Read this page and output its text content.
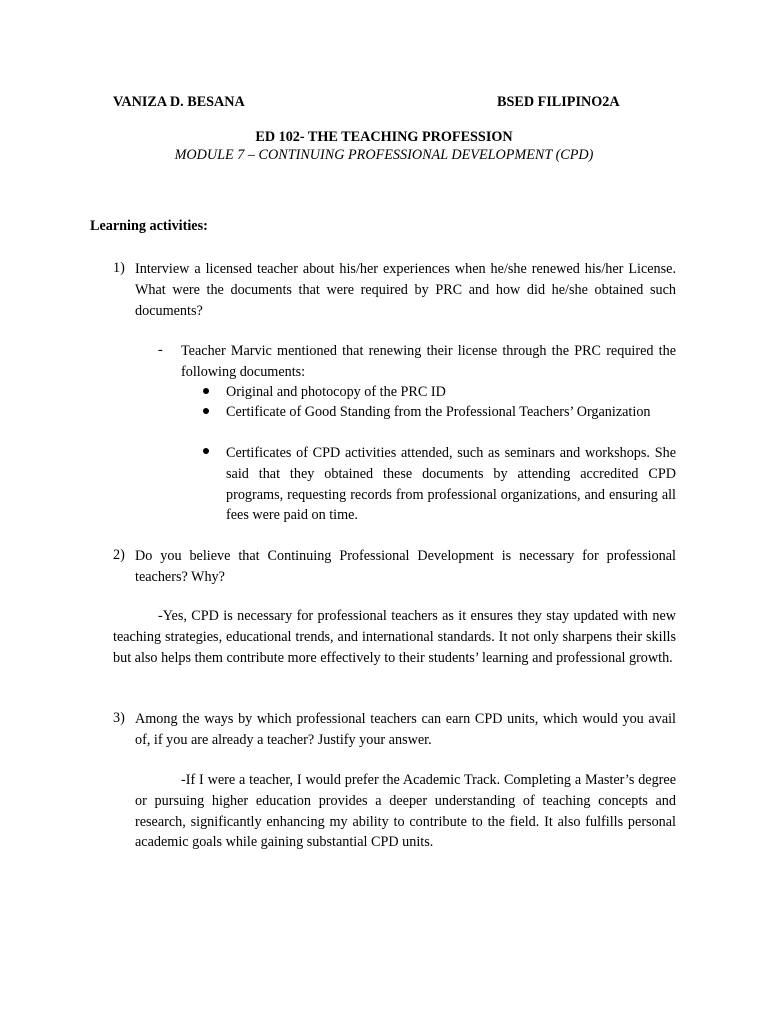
VANIZA D. BESANA	BSED FILIPINO2A
ED 102- THE TEACHING PROFESSION
MODULE 7 – CONTINUING PROFESSIONAL DEVELOPMENT (CPD)
Learning activities:
1) Interview a licensed teacher about his/her experiences when he/she renewed his/her License. What were the documents that were required by PRC and how did he/she obtained such documents?
- Teacher Marvic mentioned that renewing their license through the PRC required the following documents:
Original and photocopy of the PRC ID
Certificate of Good Standing from the Professional Teachers’ Organization
Certificates of CPD activities attended, such as seminars and workshops. She said that they obtained these documents by attending accredited CPD programs, requesting records from professional organizations, and ensuring all fees were paid on time.
2) Do you believe that Continuing Professional Development is necessary for professional teachers? Why?
-Yes, CPD is necessary for professional teachers as it ensures they stay updated with new teaching strategies, educational trends, and international standards. It not only sharpens their skills but also helps them contribute more effectively to their students’ learning and professional growth.
3) Among the ways by which professional teachers can earn CPD units, which would you avail of, if you are already a teacher? Justify your answer.
-If I were a teacher, I would prefer the Academic Track. Completing a Master’s degree or pursuing higher education provides a deeper understanding of teaching concepts and research, significantly enhancing my ability to contribute to the field. It also fulfills personal academic goals while gaining substantial CPD units.
